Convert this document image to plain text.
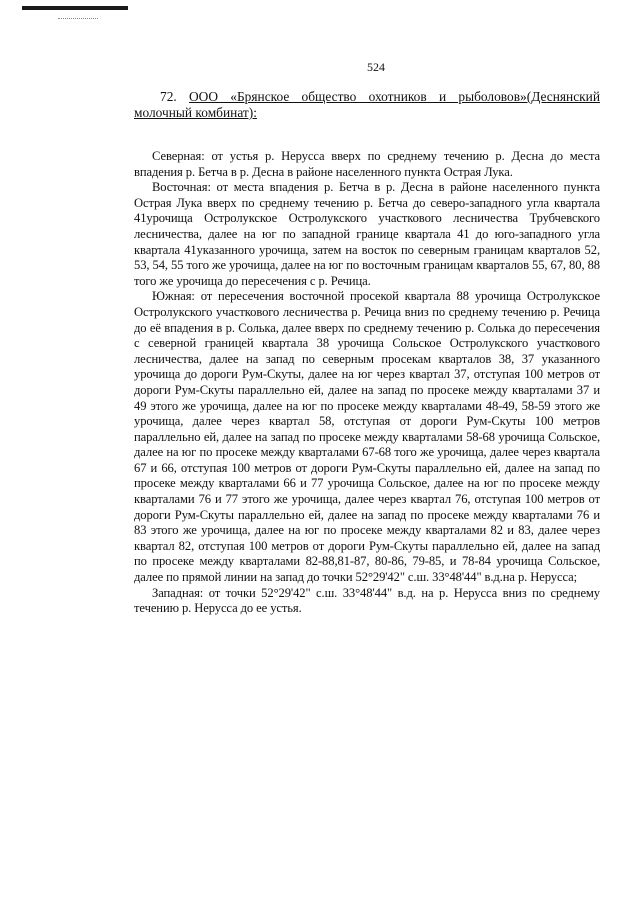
524

72. ООО «Брянское общество охотников и рыболовов»(Деснянский молочный комбинат):

Северная: от устья р. Нерусса вверх по среднему течению р. Десна до места впадения р. Бетча в р. Десна в районе населенного пункта Острая Лука.

Восточная: от места впадения р. Бетча в р. Десна в районе населенного пункта Острая Лука вверх по среднему течению р. Бетча до северо-западного угла квартала 41урочища Остролукское Остролукского участкового лесничества Трубчевского лесничества, далее на юг по западной границе квартала 41 до юго-западного угла квартала 41указанного урочища, затем на восток по северным границам кварталов 52, 53, 54, 55 того же урочища, далее на юг по восточным границам кварталов 55, 67, 80, 88 того же урочища до пересечения с р. Речица.

Южная: от пересечения восточной просекой квартала 88 урочища Остролукское Остролукского участкового лесничества р. Речица вниз по среднему течению р. Речица до её впадения в р. Солька, далее вверх по среднему течению р. Солька до пересечения с северной границей квартала 38 урочища Сольское Остролукского участкового лесничества, далее на запад по северным просекам кварталов 38, 37 указанного урочища до дороги Рум-Скуты, далее на юг через квартал 37, отступая 100 метров от дороги Рум-Скуты параллельно ей, далее на запад по просеке между кварталами 37 и 49 этого же урочища, далее на юг по просеке между кварталами 48-49, 58-59 этого же урочища, далее через квартал 58, отступая от дороги Рум-Скуты 100 метров параллельно ей, далее на запад по просеке между кварталами 58-68 урочища Сольское, далее на юг по просеке между кварталами 67-68 того же урочища, далее через квартала 67 и 66, отступая 100 метров от дороги Рум-Скуты параллельно ей, далее на запад по просеке между кварталами 66 и 77 урочища Сольское, далее на юг по просеке между кварталами 76 и 77 этого же урочища, далее через квартал 76, отступая 100 метров от дороги Рум-Скуты параллельно ей, далее на запад по просеке между кварталами 76 и 83 этого же урочища, далее на юг по просеке между кварталами 82 и 83, далее через квартал 82, отступая 100 метров от дороги Рум-Скуты параллельно ей, далее на запад по просеке между кварталами 82-88,81-87, 80-86, 79-85, и 78-84 урочища Сольское, далее по прямой линии на запад до точки 52°29'42" с.ш. 33°48'44" в.д.на р. Нерусса;

Западная: от точки 52°29'42" с.ш. 33°48'44" в.д. на р. Нерусса вниз по среднему течению р. Нерусса до ее устья.
